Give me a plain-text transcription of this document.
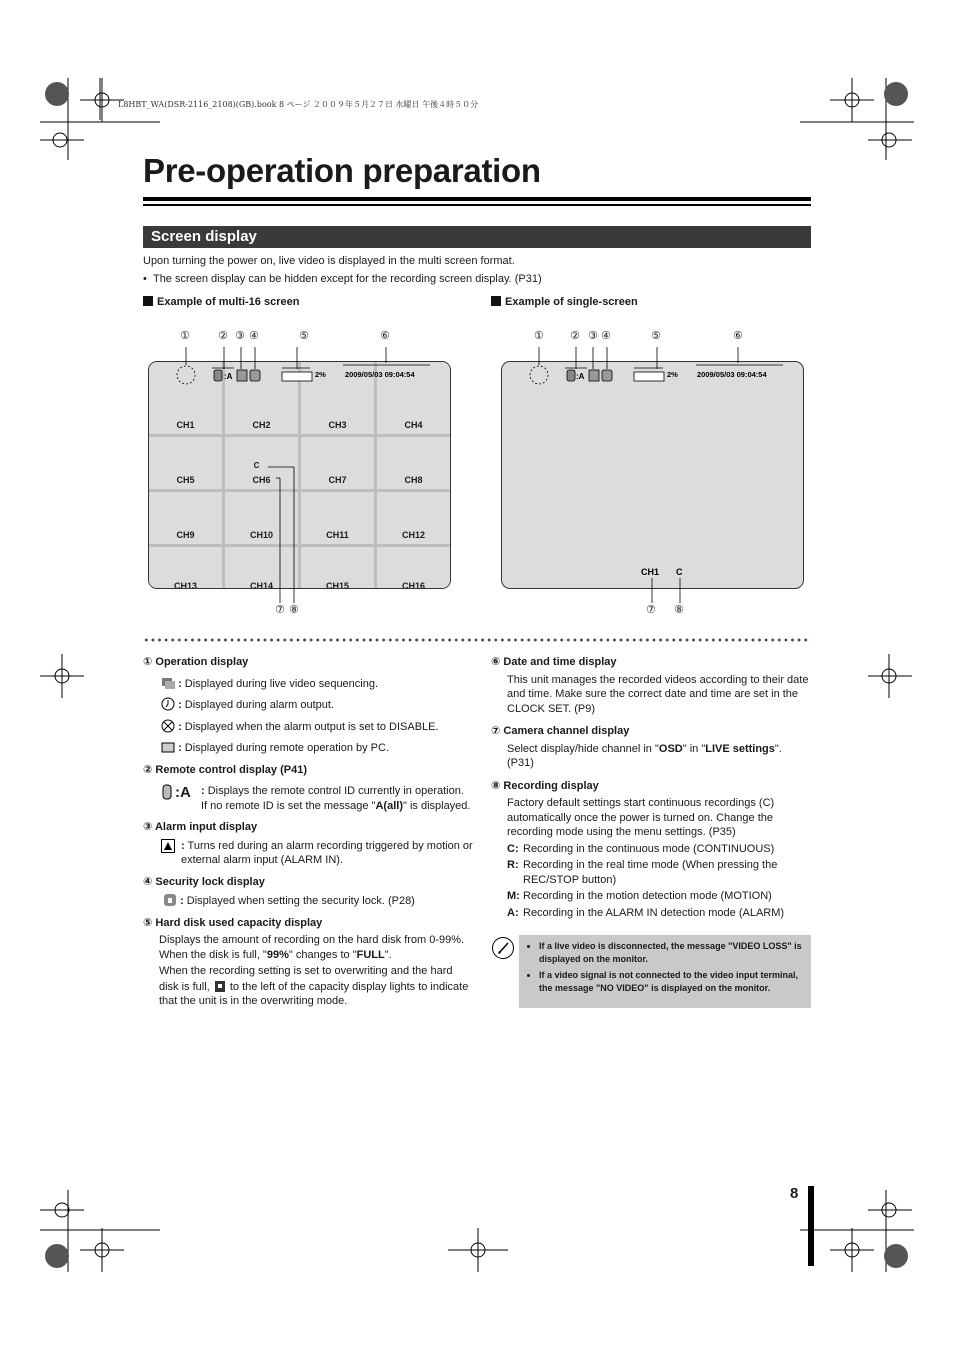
L8HBT_WA(DSR-2116_2108)(GB).book 8 ページ ２００９年５月２７日 水曜日 午後４時５０分
Pre-operation preparation
Screen display
Upon turning the power on, live video is displayed in the multi screen format.
•  The screen display can be hidden except for the recording screen display. (P31)
Example of multi-16 screen	Example of single-screen
①	② ③ ④	⑤	⑥
⑦ ⑧
CH1	CH2	CH3	CH4
CH5	CH6
C
CH7	CH8
CH9	CH10	CH11	CH12
CH13	CH14	CH15	CH16
:A	2%	2009/05/03 09:04:54
① ② ③ ④	⑤	⑥
⑦ ⑧
:A	2%	2009/05/03 09:04:54
CH1 C
① Operation display
: Displayed during live video sequencing.
: Displayed during alarm output.
: Displayed when the alarm output is set to DISABLE.
: Displayed during remote operation by PC.
② Remote control display (P41)
:A : Displays the remote control ID currently in operation.
If no remote ID is set the message "A(all)" is displayed.
③ Alarm input display
: Turns red during an alarm recording triggered by motion or external alarm input (ALARM IN).
④ Security lock display
: Displayed when setting the security lock. (P28)
⑤ Hard disk used capacity display
Displays the amount of recording on the hard disk from 0-99%. When the disk is full, "99%" changes to "FULL".
When the recording setting is set to overwriting and the hard disk is full, to the left of the capacity display lights to indicate that the unit is in the overwriting mode.
⑥ Date and time display
This unit manages the recorded videos according to their date and time. Make sure the correct date and time are set in the CLOCK SET. (P9)
⑦ Camera channel display
Select display/hide channel in "OSD" in "LIVE settings". (P31)
⑧ Recording display
Factory default settings start continuous recordings (C) automatically once the power is turned on. Change the recording mode using the menu settings. (P35)
C: Recording in the continuous mode (CONTINUOUS)
R: Recording in the real time mode (When pressing the REC/STOP button)
M: Recording in the motion detection mode (MOTION)
A: Recording in the ALARM IN detection mode (ALARM)
• If a live video is disconnected, the message "VIDEO LOSS" is displayed on the monitor.
• If a video signal is not connected to the video input terminal, the message "NO VIDEO" is displayed on the monitor.
8
